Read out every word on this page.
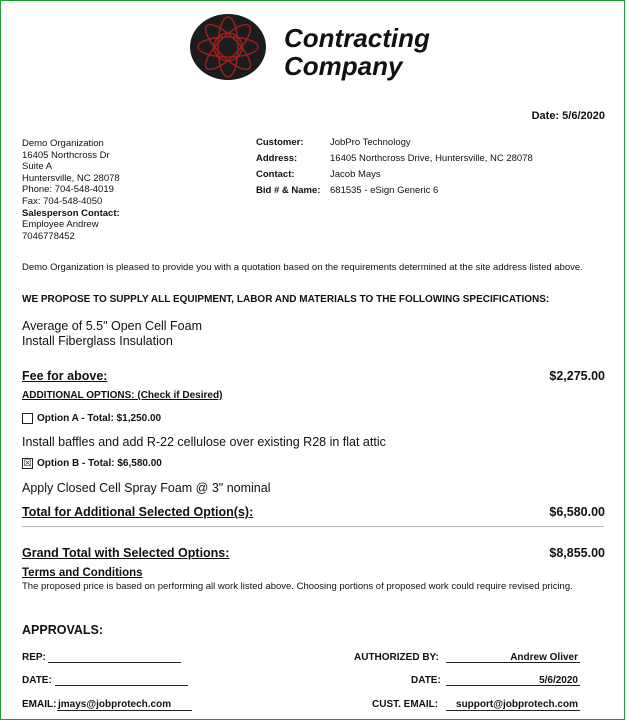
Contracting
Company
Date: 5/6/2020
Demo Organization
16405 Northcross Dr
Suite A
Huntersville, NC 28078
Phone: 704-548-4019
Fax: 704-548-4050
Salesperson Contact:
Employee Andrew
7046778452
Customer:	JobPro Technology
Address:	16405 Northcross Drive, Huntersville, NC 28078
Contact:	Jacob Mays
Bid # & Name:	681535 - eSign Generic 6
Demo Organization is pleased to provide you with a quotation based on the requirements determined at the site address listed above.
WE PROPOSE TO SUPPLY ALL EQUIPMENT, LABOR AND MATERIALS TO THE FOLLOWING SPECIFICATIONS:
Average of 5.5" Open Cell Foam
Install Fiberglass Insulation
Fee for above:	$2,275.00
ADDITIONAL OPTIONS: (Check if Desired)
Option A - Total: $1,250.00
Install baffles and add R-22 cellulose over existing R28 in flat attic
☒ Option B - Total: $6,580.00
Apply Closed Cell Spray Foam @ 3" nominal
Total for Additional Selected Option(s):	$6,580.00
Grand Total with Selected Options:	$8,855.00
Terms and Conditions
The proposed price is based on performing all work listed above. Choosing portions of proposed work could require revised pricing.
APPROVALS:
REP:
DATE:
EMAIL: jmays@jobprotech.com
AUTHORIZED BY:	Andrew Oliver
DATE:	5/6/2020
CUST. EMAIL:	support@jobprotech.com
